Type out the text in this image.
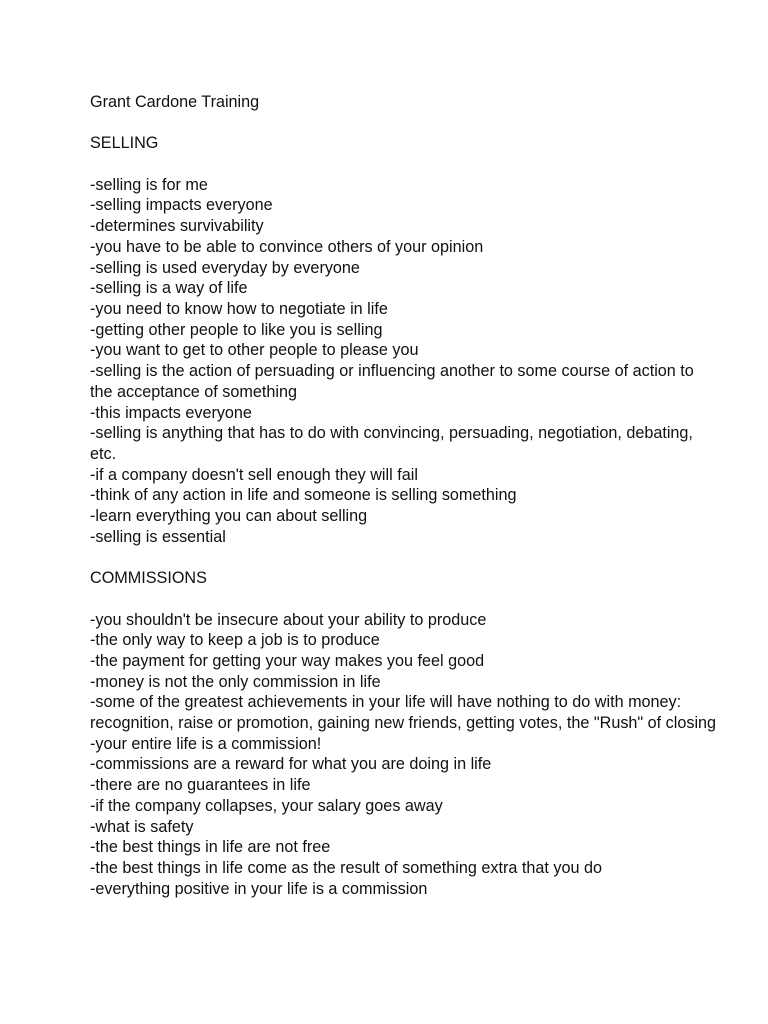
Grant Cardone Training

SELLING

-selling is for me
-selling impacts everyone
-determines survivability
-you have to be able to convince others of your opinion
-selling is used everyday by everyone
-selling is a way of life
-you need to know how to negotiate in life
-getting other people to like you is selling
-you want to get to other people to please you
-selling is the action of persuading or influencing another to some course of action to the acceptance of something
-this impacts everyone
-selling is anything that has to do with convincing, persuading, negotiation, debating, etc.
-if a company doesn't sell enough they will fail
-think of any action in life and someone is selling something
-learn everything you can about selling
-selling is essential

COMMISSIONS

-you shouldn't be insecure about your ability to produce
-the only way to keep a job is to produce
-the payment for getting your way makes you feel good
-money is not the only commission in life
-some of the greatest achievements in your life will have nothing to do with money: recognition, raise or promotion, gaining new friends, getting votes, the "Rush" of closing
-your entire life is a commission!
-commissions are a reward for what you are doing in life
-there are no guarantees in life
-if the company collapses, your salary goes away
-what is safety
-the best things in life are not free
-the best things in life come as the result of something extra that you do
-everything positive in your life is a commission
